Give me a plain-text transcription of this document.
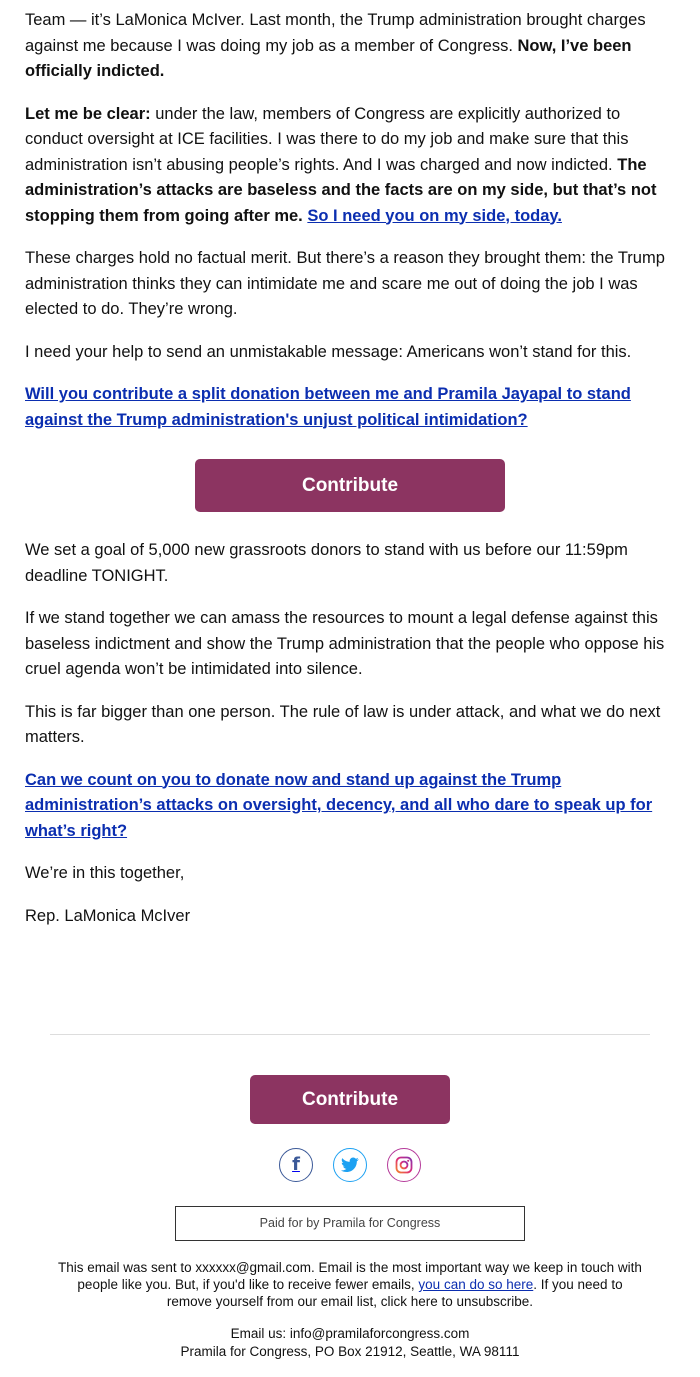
Team — it’s LaMonica McIver. Last month, the Trump administration brought charges against me because I was doing my job as a member of Congress. Now, I’ve been officially indicted.

Let me be clear: under the law, members of Congress are explicitly authorized to conduct oversight at ICE facilities. I was there to do my job and make sure that this administration isn’t abusing people’s rights. And I was charged and now indicted. The administration’s attacks are baseless and the facts are on my side, but that’s not stopping them from going after me. So I need you on my side, today.

These charges hold no factual merit. But there’s a reason they brought them: the Trump administration thinks they can intimidate me and scare me out of doing the job I was elected to do. They’re wrong.

I need your help to send an unmistakable message: Americans won’t stand for this.

Will you contribute a split donation between me and Pramila Jayapal to stand against the Trump administration's unjust political intimidation?

Contribute

We set a goal of 5,000 new grassroots donors to stand with us before our 11:59pm deadline TONIGHT.

If we stand together we can amass the resources to mount a legal defense against this baseless indictment and show the Trump administration that the people who oppose his cruel agenda won’t be intimidated into silence.

This is far bigger than one person. The rule of law is under attack, and what we do next matters.

Can we count on you to donate now and stand up against the Trump administration’s attacks on oversight, decency, and all who dare to speak up for what’s right?

We’re in this together,

Rep. LaMonica McIver

Contribute
f
Paid for by Pramila for Congress
This email was sent to xxxxxx@gmail.com. Email is the most important way we keep in touch with people like you. But, if you'd like to receive fewer emails, you can do so here. If you need to remove yourself from our email list, click here to unsubscribe.
Email us: info@pramilaforcongress.com
Pramila for Congress, PO Box 21912, Seattle, WA 98111
